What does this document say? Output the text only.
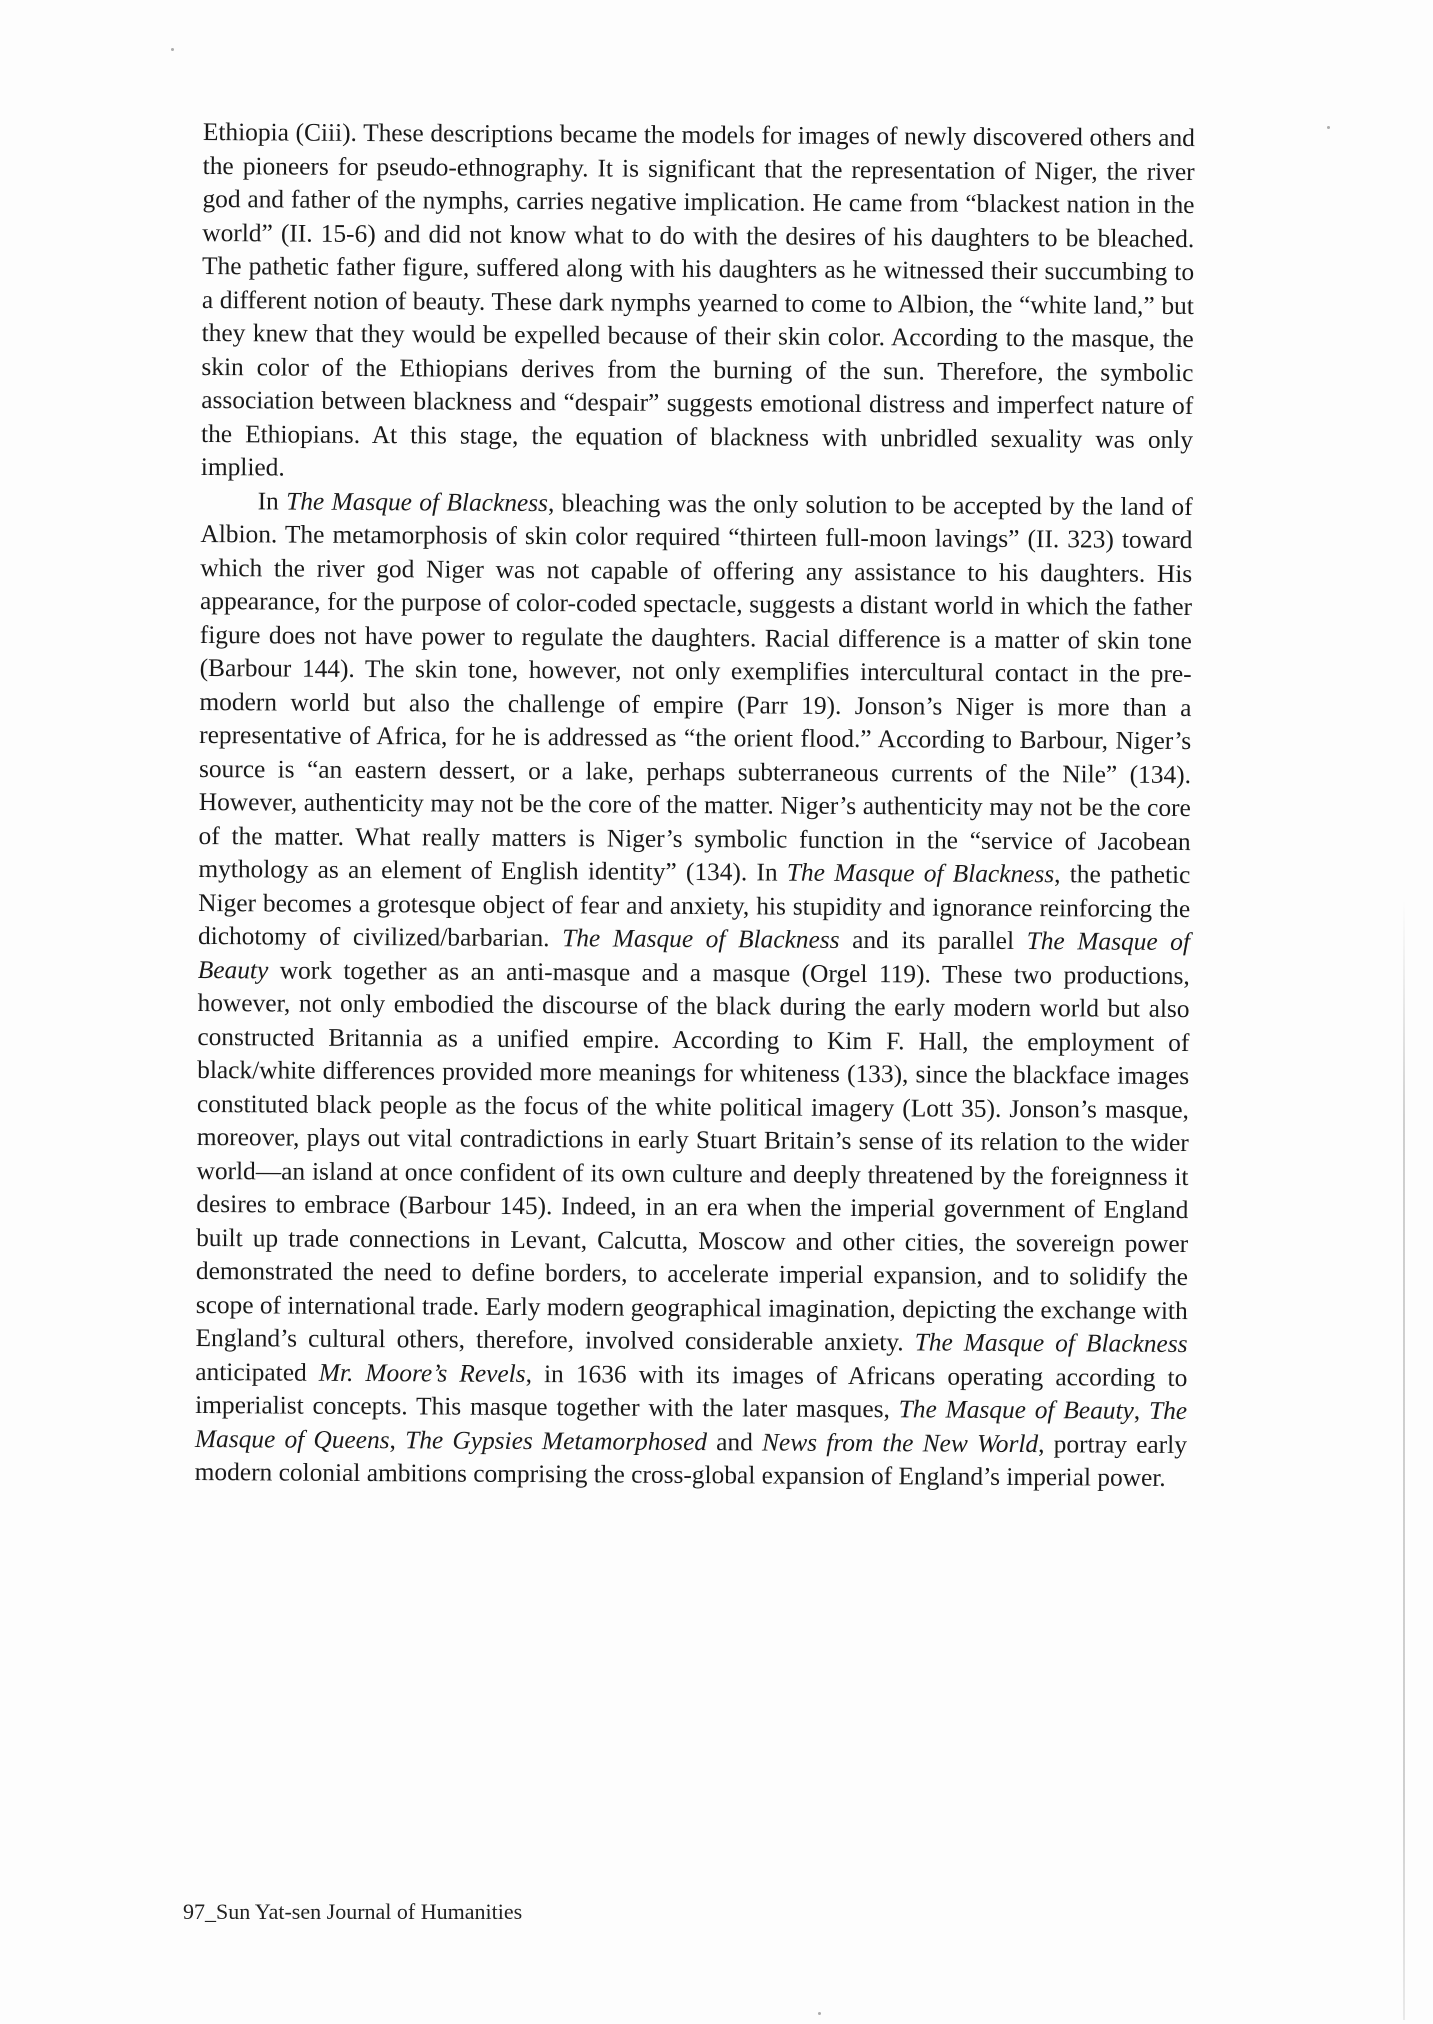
Ethiopia (Ciii). These descriptions became the models for images of newly discovered others and the pioneers for pseudo-ethnography. It is significant that the representation of Niger, the river god and father of the nymphs, carries negative implication. He came from “blackest nation in the world” (II. 15-6) and did not know what to do with the desires of his daughters to be bleached. The pathetic father figure, suffered along with his daughters as he witnessed their succumbing to a different notion of beauty. These dark nymphs yearned to come to Albion, the “white land,” but they knew that they would be expelled because of their skin color. According to the masque, the skin color of the Ethiopians derives from the burning of the sun. Therefore, the symbolic association between blackness and “despair” suggests emotional distress and imperfect nature of the Ethiopians. At this stage, the equation of blackness with unbridled sexuality was only implied.

In The Masque of Blackness, bleaching was the only solution to be accepted by the land of Albion. The metamorphosis of skin color required “thirteen full-moon lavings” (II. 323) toward which the river god Niger was not capable of offering any assistance to his daughters. His appearance, for the purpose of color-coded spectacle, suggests a distant world in which the father figure does not have power to regulate the daughters. Racial difference is a matter of skin tone (Barbour 144). The skin tone, however, not only exemplifies intercultural contact in the pre-modern world but also the challenge of empire (Parr 19). Jonson’s Niger is more than a representative of Africa, for he is addressed as “the orient flood.” According to Barbour, Niger’s source is “an eastern dessert, or a lake, perhaps subterraneous currents of the Nile” (134). However, authenticity may not be the core of the matter. Niger’s authenticity may not be the core of the matter. What really matters is Niger’s symbolic function in the “service of Jacobean mythology as an element of English identity” (134). In The Masque of Blackness, the pathetic Niger becomes a grotesque object of fear and anxiety, his stupidity and ignorance reinforcing the dichotomy of civilized/barbarian. The Masque of Blackness and its parallel The Masque of Beauty work together as an anti-masque and a masque (Orgel 119). These two productions, however, not only embodied the discourse of the black during the early modern world but also constructed Britannia as a unified empire. According to Kim F. Hall, the employment of black/white differences provided more meanings for whiteness (133), since the blackface images constituted black people as the focus of the white political imagery (Lott 35). Jonson’s masque, moreover, plays out vital contradictions in early Stuart Britain’s sense of its relation to the wider world—an island at once confident of its own culture and deeply threatened by the foreignness it desires to embrace (Barbour 145). Indeed, in an era when the imperial government of England built up trade connections in Levant, Calcutta, Moscow and other cities, the sovereign power demonstrated the need to define borders, to accelerate imperial expansion, and to solidify the scope of international trade. Early modern geographical imagination, depicting the exchange with England’s cultural others, therefore, involved considerable anxiety. The Masque of Blackness anticipated Mr. Moore’s Revels, in 1636 with its images of Africans operating according to imperialist concepts. This masque together with the later masques, The Masque of Beauty, The Masque of Queens, The Gypsies Metamorphosed and News from the New World, portray early modern colonial ambitions comprising the cross-global expansion of England’s imperial power.

97_Sun Yat-sen Journal of Humanities
